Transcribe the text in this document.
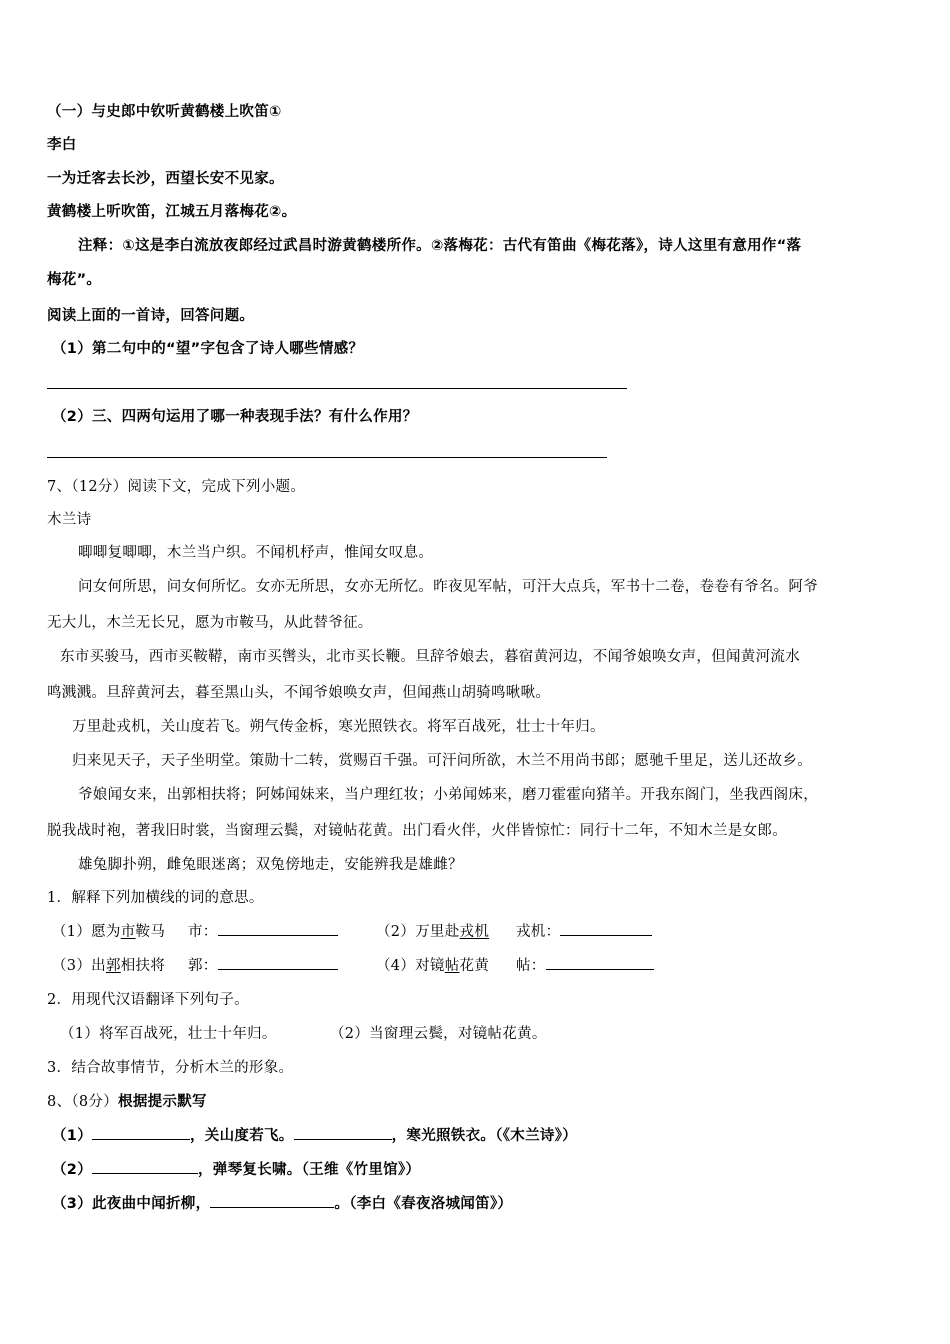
（一）与史郎中钦听黄鹤楼上吹笛①
李白
一为迁客去长沙，西望长安不见家。
黄鹤楼上听吹笛，江城五月落梅花②。
注释：①这是李白流放夜郎经过武昌时游黄鹤楼所作。②落梅花：古代有笛曲《梅花落》，诗人这里有意用作“落
梅花”。
阅读上面的一首诗，回答问题。
（1）第二句中的“望”字包含了诗人哪些情感？
（2）三、四两句运用了哪一种表现手法？有什么作用？
7、（12分）阅读下文，完成下列小题。
木兰诗
唧唧复唧唧，木兰当户织。不闻机杼声，惟闻女叹息。
问女何所思，问女何所忆。女亦无所思，女亦无所忆。昨夜见军帖，可汗大点兵，军书十二卷，卷卷有爷名。阿爷
无大儿，木兰无长兄，愿为市鞍马，从此替爷征。
东市买骏马，西市买鞍鞯，南市买辔头，北市买长鞭。旦辞爷娘去，暮宿黄河边，不闻爷娘唤女声，但闻黄河流水
鸣溅溅。旦辞黄河去，暮至黑山头，不闻爷娘唤女声，但闻燕山胡骑鸣啾啾。
万里赴戎机，关山度若飞。朔气传金柝，寒光照铁衣。将军百战死，壮士十年归。
归来见天子，天子坐明堂。策勋十二转，赏赐百千强。可汗问所欲，木兰不用尚书郎；愿驰千里足，送儿还故乡。
爷娘闻女来，出郭相扶将；阿姊闻妹来，当户理红妆；小弟闻姊来，磨刀霍霍向猪羊。开我东阁门，坐我西阁床，
脱我战时袍，著我旧时裳，当窗理云鬓，对镜帖花黄。出门看火伴，火伴皆惊忙：同行十二年，不知木兰是女郎。
雄兔脚扑朔，雌兔眼迷离；双兔傍地走，安能辨我是雄雌？
1．解释下列加横线的词的意思。
（1）愿为市鞍马	市：	（2）万里赴戎机	戎机：
（3）出郭相扶将	郭：	（4）对镜帖花黄	帖：
2．用现代汉语翻译下列句子。
（1）将军百战死，壮士十年归。	（2）当窗理云鬓，对镜帖花黄。
3．结合故事情节，分析木兰的形象。
8、（8分）根据提示默写
（1）	，关山度若飞。	，寒光照铁衣。（《木兰诗》）
（2）	，弹琴复长啸。（王维《竹里馆》）
（3）此夜曲中闻折柳，	。（李白《春夜洛城闻笛》）
